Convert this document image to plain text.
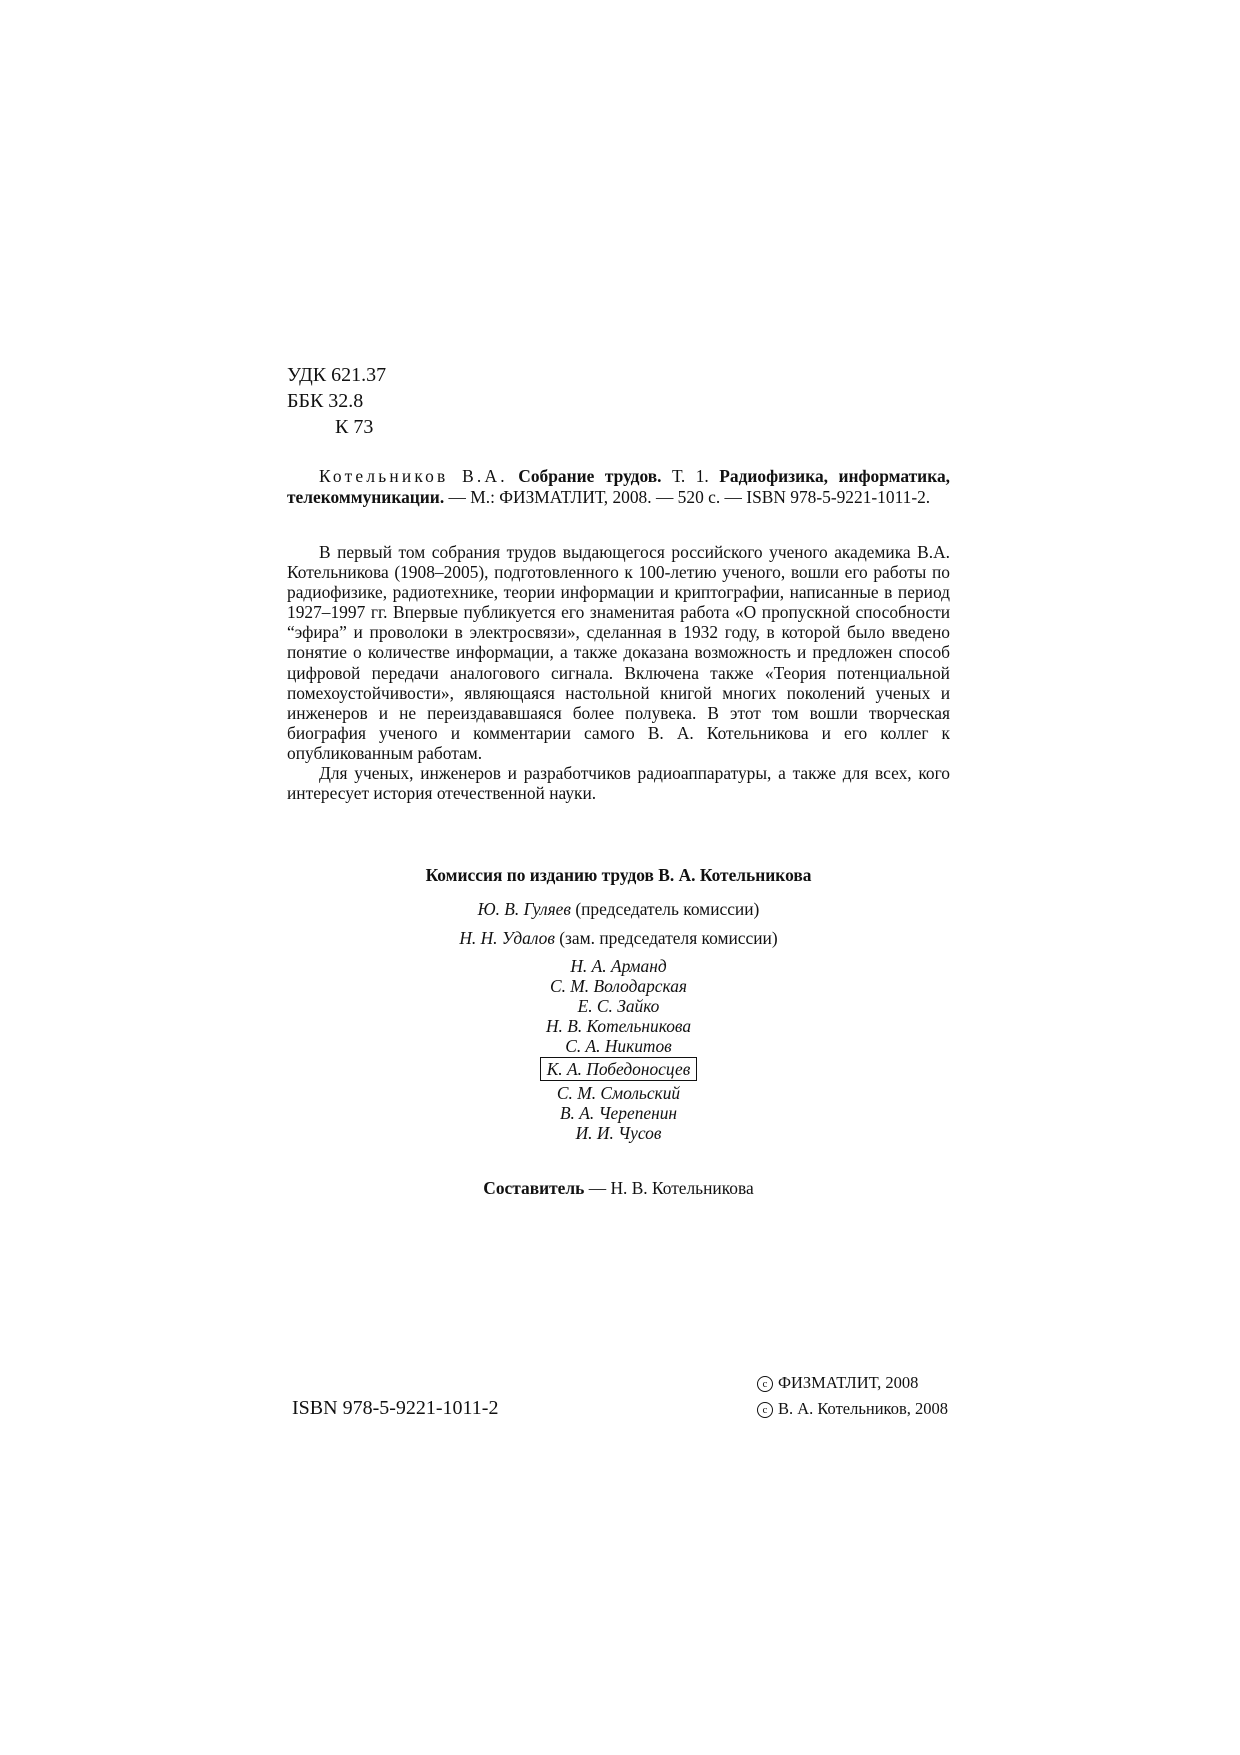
УДК 621.37
ББК 32.8
К 73

Котельников В.А. Собрание трудов. Т. 1. Радиофизика, информатика, телекоммуникации. — М.: ФИЗМАТЛИТ, 2008. — 520 с. — ISBN 978-5-9221-1011-2.

В первый том собрания трудов выдающегося российского ученого академика В.А. Котельникова (1908–2005), подготовленного к 100-летию ученого, вошли его работы по радиофизике, радиотехнике, теории информации и криптографии, написанные в период 1927–1997 гг. Впервые публикуется его знаменитая работа «О пропускной способности “эфира” и проволоки в электросвязи», сделанная в 1932 году, в которой было введено понятие о количестве информации, а также доказана возможность и предложен способ цифровой передачи аналогового сигнала. Включена также «Теория потенциальной помехоустойчивости», являющаяся настольной книгой многих поколений ученых и инженеров и не переиздававшаяся более полувека. В этот том вошли творческая биография ученого и комментарии самого В. А. Котельникова и его коллег к опубликованным работам.

Для ученых, инженеров и разработчиков радиоаппаратуры, а также для всех, кого интересует история отечественной науки.

Комиссия по изданию трудов В. А. Котельникова
Ю. В. Гуляев (председатель комиссии)
Н. Н. Удалов (зам. председателя комиссии)
Н. А. Арманд
С. М. Володарская
Е. С. Зайко
Н. В. Котельникова
С. А. Никитов
К. А. Победоносцев
С. М. Смольский
В. А. Черепенин
И. И. Чусов
Составитель — Н. В. Котельникова
ISBN 978-5-9221-1011-2
c ФИЗМАТЛИТ, 2008
c В. А. Котельников, 2008
